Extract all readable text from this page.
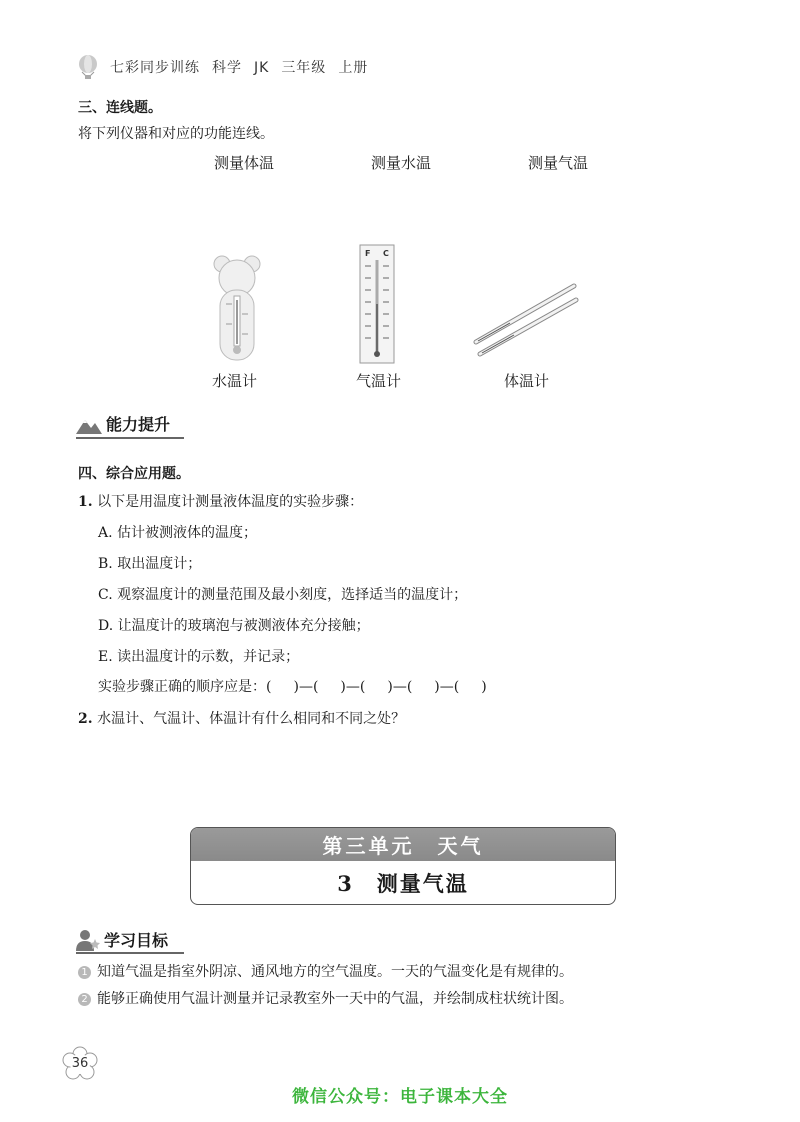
七彩同步训练 科学 JK 三年级 上册
三、连线题。
将下列仪器和对应的功能连线。
测量体温	测量水温	测量气温
F C
水温计	气温计	体温计
能力提升
四、综合应用题。
1. 以下是用温度计测量液体温度的实验步骤：
A. 估计被测液体的温度；
B. 取出温度计；
C. 观察温度计的测量范围及最小刻度，选择适当的温度计；
D. 让温度计的玻璃泡与被测液体充分接触；
E. 读出温度计的示数，并记录；
实验步骤正确的顺序应是：( )—( )—( )—( )—( )
2. 水温计、气温计、体温计有什么相同和不同之处？
第三单元　天气
3　测量气温
学习目标
1 知道气温是指室外阴凉、通风地方的空气温度。一天的气温变化是有规律的。
2 能够正确使用气温计测量并记录教室外一天中的气温，并绘制成柱状统计图。
36
微信公众号：电子课本大全
